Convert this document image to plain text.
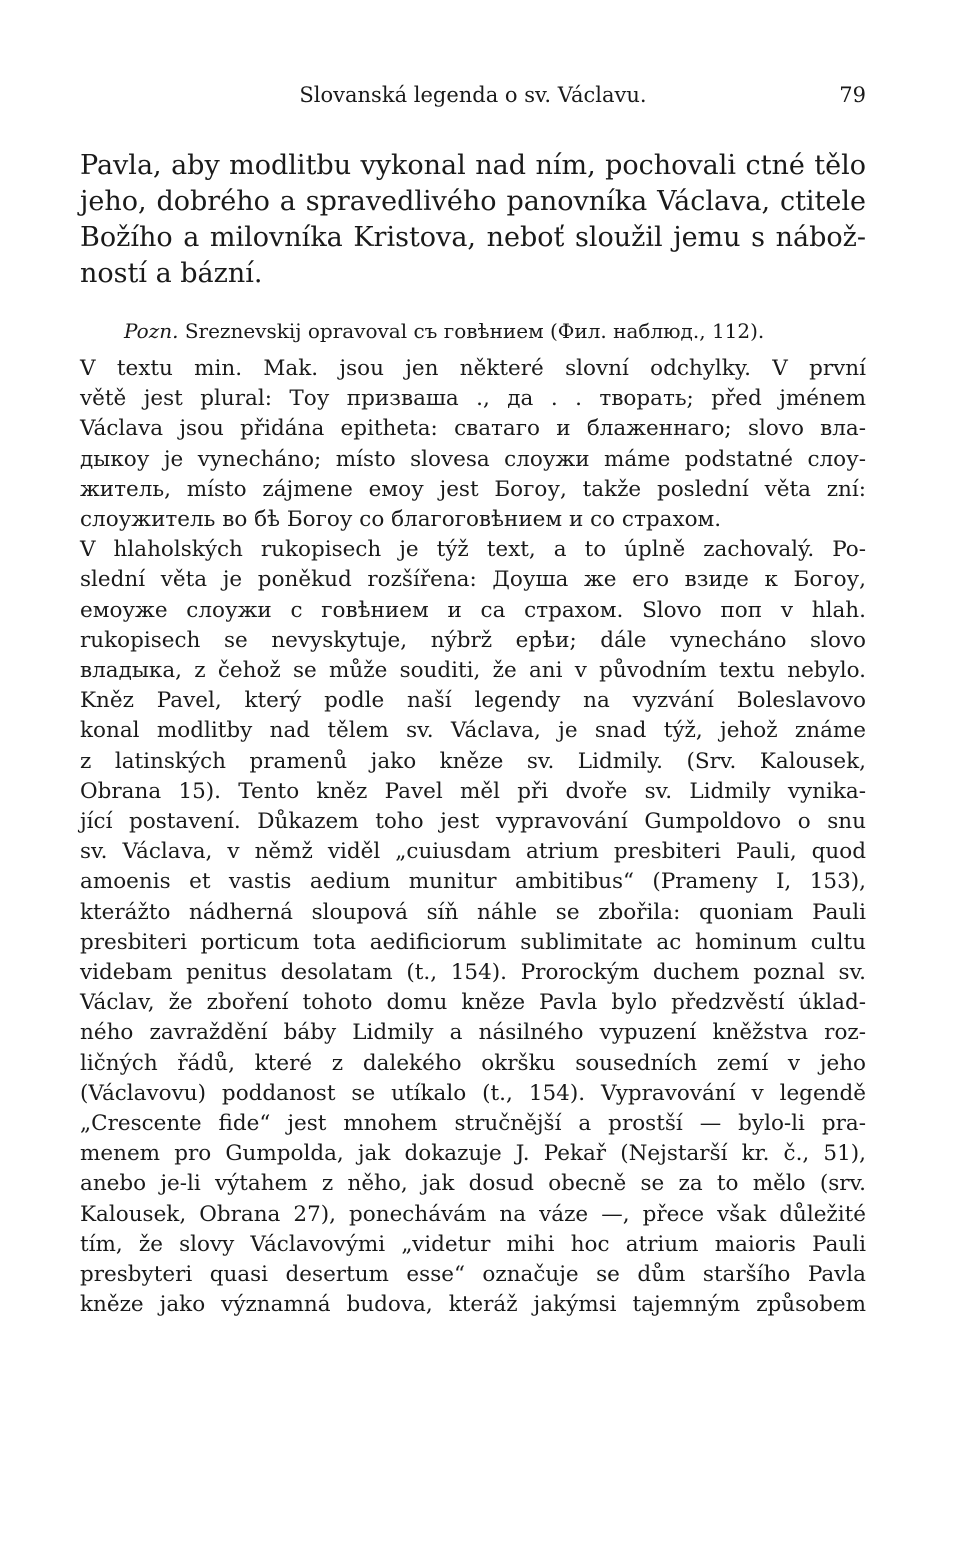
Slovanská legenda o sv. Václavu.	79
Pavla, aby modlitbu vykonal nad ním, pochovali ctné tělo
jeho, dobrého a spravedlivého panovníka Václava, ctitele
Božího a milovníka Kristova, neboť sloužil jemu s nábož-
ností a bázní.
Pozn. Sreznevskij opravoval съ говѣнием (Фил. наблюд., 112).
V textu min. Mak. jsou jen některé slovní odchylky. V první
větě jest plural: Тоу призваша ., да . . творать; před jménem
Václava jsou přidána epitheta: сватаго и блаженнаго; slovo вла-
дыкоу je vynecháno; místo slovesa слоужи máme podstatné слоу-
житель, místo zájmene емоу jest Богоу, takže poslední věta zní:
слоужитель во бѣ Богоу со благоговѣнием и со страхом.
V hlaholských rukopisech je týž text, a to úplně zachovalý. Po-
slední věta je poněkud rozšířena: Доуша же его взиде к Богоу,
емоуже слоужи с говѣнием и са страхом. Slovo поп v hlah.
rukopisech se nevyskytuje, nýbrž ерѣи; dále vynecháno slovo
владыка, z čehož se může souditi, že ani v původním textu nebylo.
Kněz Pavel, který podle naší legendy na vyzvání Boleslavovo
konal modlitby nad tělem sv. Václava, je snad týž, jehož známe
z latinských pramenů jako kněze sv. Lidmily. (Srv. Kalousek,
Obrana 15). Tento kněz Pavel měl při dvoře sv. Lidmily vynika-
jící postavení. Důkazem toho jest vypravování Gumpoldovo o snu
sv. Václava, v němž viděl „cuiusdam atrium presbiteri Pauli, quod
amoenis et vastis aedium munitur ambitibus“ (Prameny I, 153),
kterážto nádherná sloupová síň náhle se zbořila: quoniam Pauli
presbiteri porticum tota aedificiorum sublimitate ac hominum cultu
videbam penitus desolatam (t., 154). Prorockým duchem poznal sv.
Václav, že zboření tohoto domu kněze Pavla bylo předzvěstí úklad-
ného zavraždění báby Lidmily a násilného vypuzení kněžstva roz-
ličných řádů, které z dalekého okršku sousedních zemí v jeho
(Václavovu) poddanost se utíkalo (t., 154). Vypravování v legendě
„Crescente fide“ jest mnohem stručnější a prostší — bylo-li pra-
menem pro Gumpolda, jak dokazuje J. Pekař (Nejstarší kr. č., 51),
anebo je-li výtahem z něho, jak dosud obecně se za to mělo (srv.
Kalousek, Obrana 27), ponechávám na váze —, přece však důležité
tím, že slovy Václavovými „videtur mihi hoc atrium maioris Pauli
presbyteri quasi desertum esse“ označuje se dům staršího Pavla
kněze jako významná budova, kteráž jakýmsi tajemným způsobem
